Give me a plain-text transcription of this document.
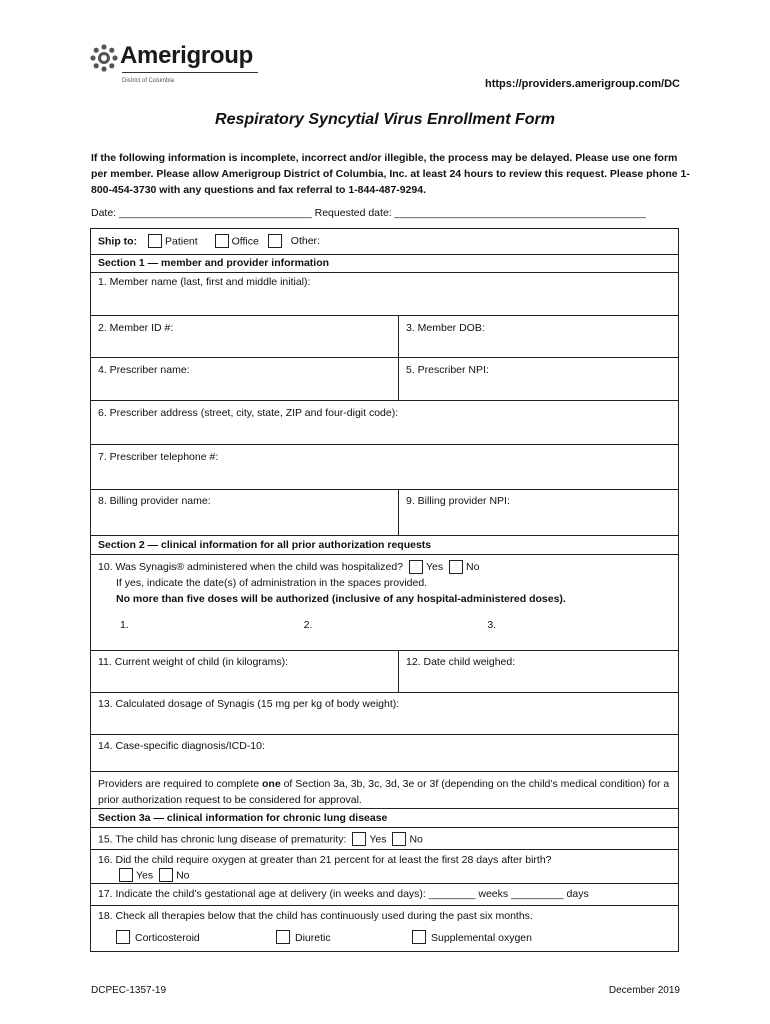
Amerigroup
District of Columbia	https://providers.amerigroup.com/DC
Respiratory Syncytial Virus Enrollment Form
If the following information is incomplete, incorrect and/or illegible, the process may be delayed. Please use one form per member. Please allow Amerigroup District of Columbia, Inc. at least 24 hours to review this request. Please phone 1-800-454-3730 with any questions and fax referral to 1-844-487-9294.
Date: _________________________________ Requested date: ___________________________________________
Ship to:	Patient	Office	Other:
Section 1 — member and provider information
1. Member name (last, first and middle initial):
2. Member ID #:	3. Member DOB:
4. Prescriber name:	5. Prescriber NPI:
6. Prescriber address (street, city, state, ZIP and four-digit code):
7. Prescriber telephone #:
8. Billing provider name:	9. Billing provider NPI:
Section 2 — clinical information for all prior authorization requests
10. Was Synagis® administered when the child was hospitalized? Yes No
If yes, indicate the date(s) of administration in the spaces provided.
No more than five doses will be authorized (inclusive of any hospital-administered doses).
1.	2.	3.
11. Current weight of child (in kilograms):	12. Date child weighed:
13. Calculated dosage of Synagis (15 mg per kg of body weight):
14. Case-specific diagnosis/ICD-10:
Providers are required to complete one of Section 3a, 3b, 3c, 3d, 3e or 3f (depending on the child’s medical condition) for a prior authorization request to be considered for approval.
Section 3a — clinical information for chronic lung disease
15. The child has chronic lung disease of prematurity: Yes No
16. Did the child require oxygen at greater than 21 percent for at least the first 28 days after birth?
Yes No
17. Indicate the child’s gestational age at delivery (in weeks and days): ________ weeks _________ days
18. Check all therapies below that the child has continuously used during the past six months.
Corticosteroid	Diuretic	Supplemental oxygen
DCPEC-1357-19	December 2019
